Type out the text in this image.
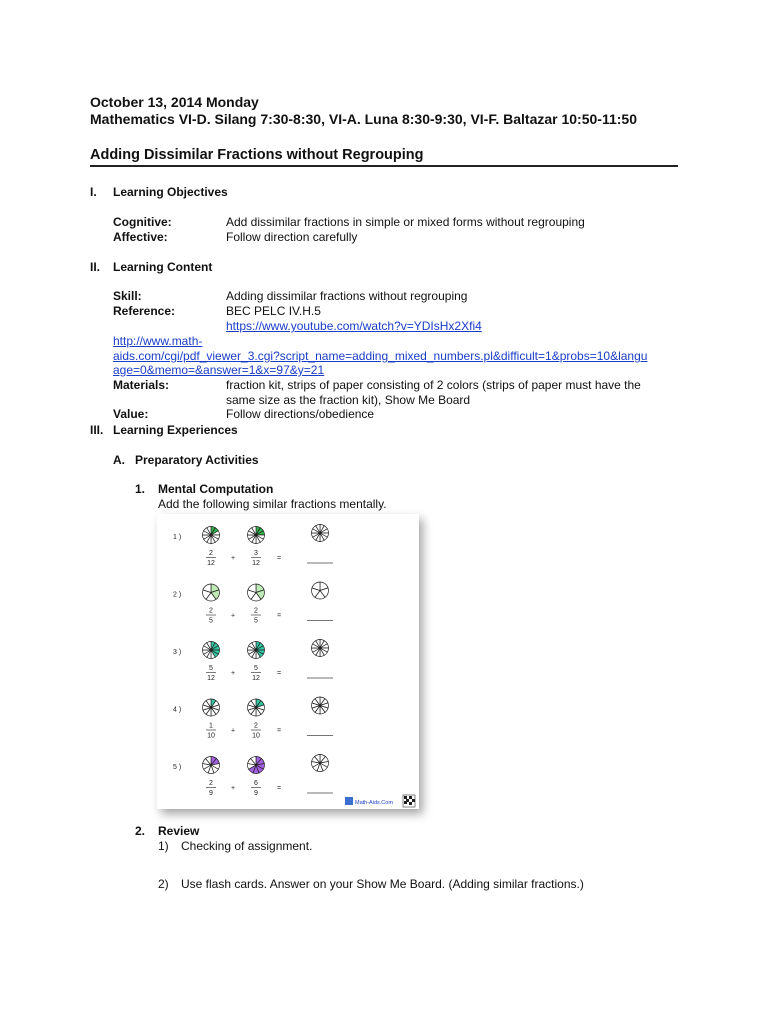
October 13, 2014 Monday
Mathematics VI-D. Silang 7:30-8:30, VI-A. Luna 8:30-9:30, VI-F. Baltazar 10:50-11:50
Adding Dissimilar Fractions without Regrouping
I. Learning Objectives
Cognitive:	Add dissimilar fractions in simple or mixed forms without regrouping
Affective:	Follow direction carefully
II. Learning Content
Skill:	Adding dissimilar fractions without regrouping
Reference:	BEC PELC IV.H.5
https://www.youtube.com/watch?v=YDIsHx2Xfi4
http://www.math-
aids.com/cgi/pdf_viewer_3.cgi?script_name=adding_mixed_numbers.pl&difficult=1&probs=10&langu
age=0&memo=&answer=1&x=97&y=21
Materials:	fraction kit, strips of paper consisting of 2 colors (strips of paper must have the
same size as the fraction kit), Show Me Board
Value:	Follow directions/obedience
III. Learning Experiences
A. Preparatory Activities
1. Mental Computation
Add the following similar fractions mentally.
1 )
2
12
3
12
+	=
2 )
2
5
2
5
+	=
3 )
5
12
5
12
+	=
4 )
1
10
2
10
+	=
5 )
2
9
6
9
+	=
Math-Aids.Com
2. Review
1) Checking of assignment.
2) Use flash cards. Answer on your Show Me Board. (Adding similar fractions.)
